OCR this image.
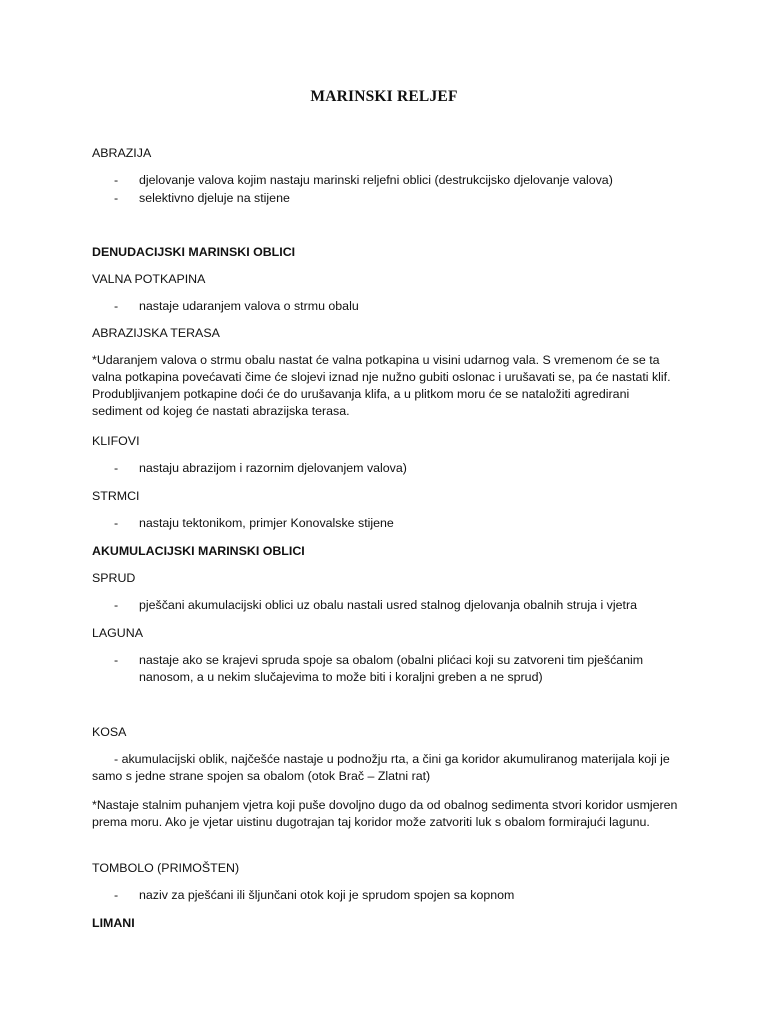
MARINSKI RELJEF
ABRAZIJA
- djelovanje valova kojim nastaju marinski reljefni oblici (destrukcijsko djelovanje valova)
- selektivno djeluje na stijene
DENUDACIJSKI MARINSKI OBLICI
VALNA POTKAPINA
- nastaje udaranjem valova o strmu obalu
ABRAZIJSKA TERASA
*Udaranjem valova o strmu obalu nastat će valna potkapina u visini udarnog vala. S vremenom će se ta valna potkapina povećavati čime će slojevi iznad nje nužno gubiti oslonac i urušavati se, pa će nastati klif. Produbljivanjem potkapine doći će do urušavanja klifa, a u plitkom moru će se nataložiti agredirani sediment od kojeg će nastati abrazijska terasa.
KLIFOVI
- nastaju abrazijom i razornim djelovanjem valova)
STRMCI
- nastaju tektonikom, primjer Konovalske stijene
AKUMULACIJSKI MARINSKI OBLICI
SPRUD
- pješčani akumulacijski oblici uz obalu nastali usred stalnog djelovanja obalnih struja i vjetra
LAGUNA
- nastaje ako se krajevi spruda spoje sa obalom (obalni plićaci koji su zatvoreni tim pješćanim nanosom, a u nekim slučajevima to može biti i koraljni greben a ne sprud)
KOSA
- akumulacijski oblik, najčešće nastaje u podnožju rta, a čini ga koridor akumuliranog materijala koji je samo s jedne strane spojen sa obalom (otok Brač – Zlatni rat)
*Nastaje stalnim puhanjem vjetra koji puše dovoljno dugo da od obalnog sedimenta stvori koridor usmjeren prema moru. Ako je vjetar uistinu dugotrajan taj koridor može zatvoriti luk s obalom formirajući lagunu.
TOMBOLO (PRIMOŠTEN)
- naziv za pješćani ili šljunčani otok koji je sprudom spojen sa kopnom
LIMANI
